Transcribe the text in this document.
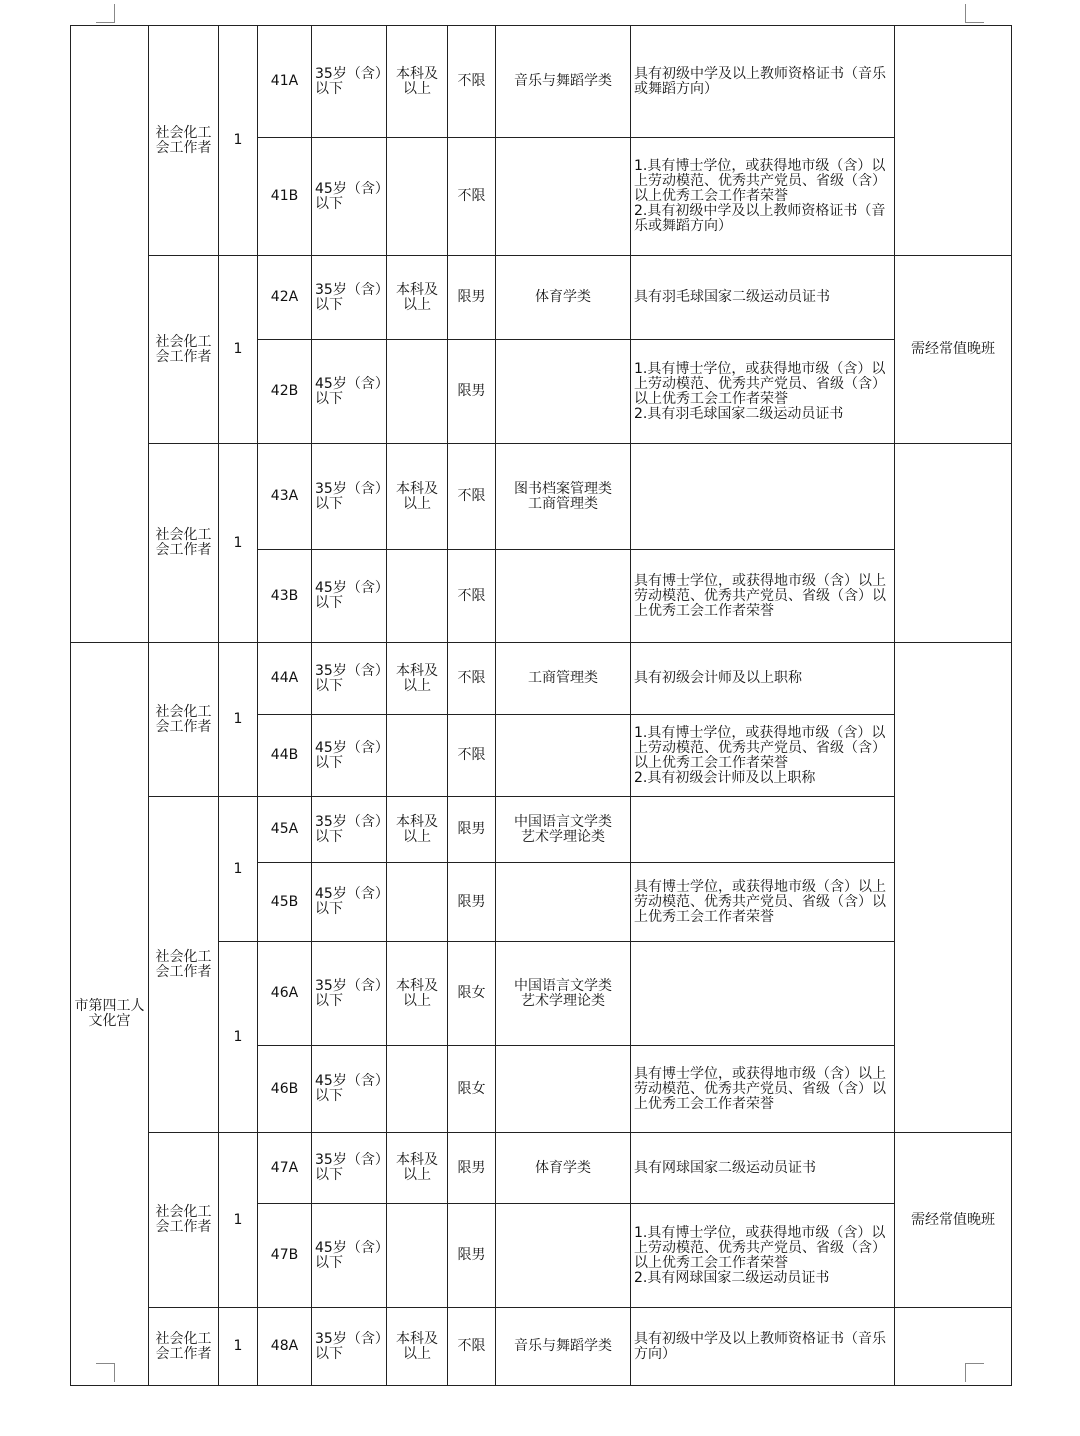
	社会化工会工作者	1	41A	35岁（含）以下	本科及以上	不限	音乐与舞蹈学类	具有初级中学及以上教师资格证书（音乐或舞蹈方向）	
			41B	45岁（含）以下		不限		1.具有博士学位，或获得地市级（含）以上劳动模范、优秀共产党员、省级（含）以上优秀工会工作者荣誉
2.具有初级中学及以上教师资格证书（音乐或舞蹈方向）	
	社会化工会工作者	1	42A	35岁（含）以下	本科及以上	限男	体育学类	具有羽毛球国家二级运动员证书	需经常值晚班
			42B	45岁（含）以下		限男		1.具有博士学位，或获得地市级（含）以上劳动模范、优秀共产党员、省级（含）以上优秀工会工作者荣誉
2.具有羽毛球国家二级运动员证书	
	社会化工会工作者	1	43A	35岁（含）以下	本科及以上	不限	图书档案管理类
工商管理类		
			43B	45岁（含）以下		不限		具有博士学位，或获得地市级（含）以上劳动模范、优秀共产党员、省级（含）以上优秀工会工作者荣誉	
市第四工人文化宫	社会化工会工作者	1	44A	35岁（含）以下	本科及以上	不限	工商管理类	具有初级会计师及以上职称	
			44B	45岁（含）以下		不限		1.具有博士学位，或获得地市级（含）以上劳动模范、优秀共产党员、省级（含）以上优秀工会工作者荣誉
2.具有初级会计师及以上职称	
	社会化工会工作者	1	45A	35岁（含）以下	本科及以上	限男	中国语言文学类
艺术学理论类		
			45B	45岁（含）以下		限男		具有博士学位，或获得地市级（含）以上劳动模范、优秀共产党员、省级（含）以上优秀工会工作者荣誉	
		1	46A	35岁（含）以下	本科及以上	限女	中国语言文学类
艺术学理论类		
			46B	45岁（含）以下		限女		具有博士学位，或获得地市级（含）以上劳动模范、优秀共产党员、省级（含）以上优秀工会工作者荣誉	
	社会化工会工作者	1	47A	35岁（含）以下	本科及以上	限男	体育学类	具有网球国家二级运动员证书	需经常值晚班
			47B	45岁（含）以下		限男		1.具有博士学位，或获得地市级（含）以上劳动模范、优秀共产党员、省级（含）以上优秀工会工作者荣誉
2.具有网球国家二级运动员证书	
	社会化工会工作者	1	48A	35岁（含）以下	本科及以上	不限	音乐与舞蹈学类	具有初级中学及以上教师资格证书（音乐方向）	
